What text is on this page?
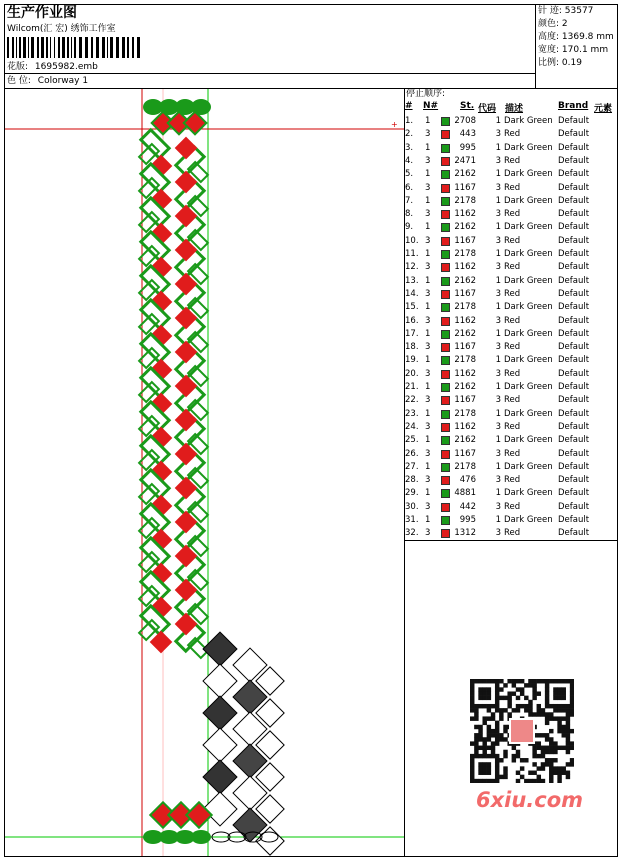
生产作业图
Wilcom(汇 宏) 绣饰工作室
花版: 1695982.emb
色 位: Colorway 1
针 迹: 53577
颜色: 2
高度: 1369.8 mm
宽度: 170.1 mm
比例: 0.19
+
停止顺序:
# N# St. 代码 描述	Brand 元素
1. 1	2708 1 Dark Green Default
2. 3	443 3 Red	Default
3. 1	995 1 Dark Green Default
4. 3	2471 3 Red	Default
5. 1	2162 1 Dark Green Default
6. 3	1167 3 Red	Default
7. 1	2178 1 Dark Green Default
8. 3	1162 3 Red	Default
9. 1	2162 1 Dark Green Default
10. 3	1167 3 Red	Default
11. 1	2178 1 Dark Green Default
12. 3	1162 3 Red	Default
13. 1	2162 1 Dark Green Default
14. 3	1167 3 Red	Default
15. 1	2178 1 Dark Green Default
16. 3	1162 3 Red	Default
17. 1	2162 1 Dark Green Default
18. 3	1167 3 Red	Default
19. 1	2178 1 Dark Green Default
20. 3	1162 3 Red	Default
21. 1	2162 1 Dark Green Default
22. 3	1167 3 Red	Default
23. 1	2178 1 Dark Green Default
24. 3	1162 3 Red	Default
25. 1	2162 1 Dark Green Default
26. 3	1167 3 Red	Default
27. 1	2178 1 Dark Green Default
28. 3	476 3 Red	Default
29. 1	4881 1 Dark Green Default
30. 3	442 3 Red	Default
31. 1	995 1 Dark Green Default
32. 3	1312 3 Red	Default
6xiu.com
